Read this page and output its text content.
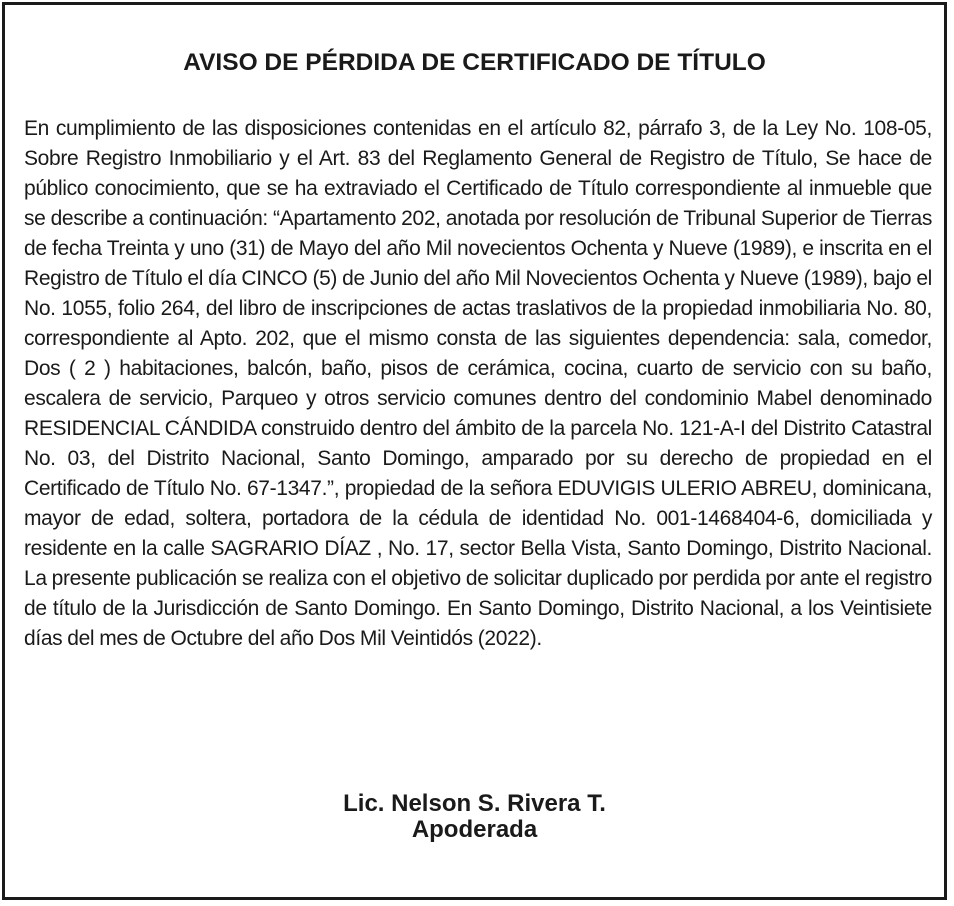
AVISO DE PÉRDIDA DE CERTIFICADO DE TÍTULO

En cumplimiento de las disposiciones contenidas en el artículo 82, párrafo 3, de la Ley No. 108-05, Sobre Registro Inmobiliario y el Art. 83 del Reglamento General de Registro de Título, Se hace de público conocimiento, que se ha extraviado el Certificado de Título correspondiente al inmueble que se describe a continuación: “Apartamento 202, anotada por resolución de Tribunal Superior de Tierras de fecha Treinta y uno (31) de Mayo del año Mil novecientos Ochenta y Nueve (1989), e inscrita en el Registro de Título el día CINCO (5) de Junio del año Mil Novecientos Ochenta y Nueve (1989), bajo el No. 1055, folio 264, del libro de inscripciones de actas traslativos de la propiedad inmobiliaria No. 80, correspondiente al Apto. 202, que el mismo consta de las siguientes dependencia: sala, comedor, Dos ( 2 ) habitaciones, balcón, baño, pisos de cerámica, cocina, cuarto de servicio con su baño, escalera de servicio, Parqueo y otros servicio comunes dentro del condominio Mabel denominado RESIDENCIAL CÁNDIDA construido dentro del ámbito de la parcela No. 121-A-I del Distrito Catastral No. 03, del Distrito Nacional, Santo Domingo, amparado por su derecho de propiedad en el Certificado de Título No. 67-1347.”, propiedad de la señora EDUVIGIS ULERIO ABREU, dominicana, mayor de edad, soltera, portadora de la cédula de identidad No. 001-1468404-6, domiciliada y residente en la calle SAGRARIO DÍAZ , No. 17, sector Bella Vista, Santo Domingo, Distrito Nacional. La presente publicación se realiza con el objetivo de solicitar duplicado por perdida por ante el registro de título de la Jurisdicción de Santo Domingo. En Santo Domingo, Distrito Nacional, a los Veintisiete días del mes de Octubre del año Dos Mil Veintidós (2022).

Lic. Nelson S. Rivera T.
Apoderada
